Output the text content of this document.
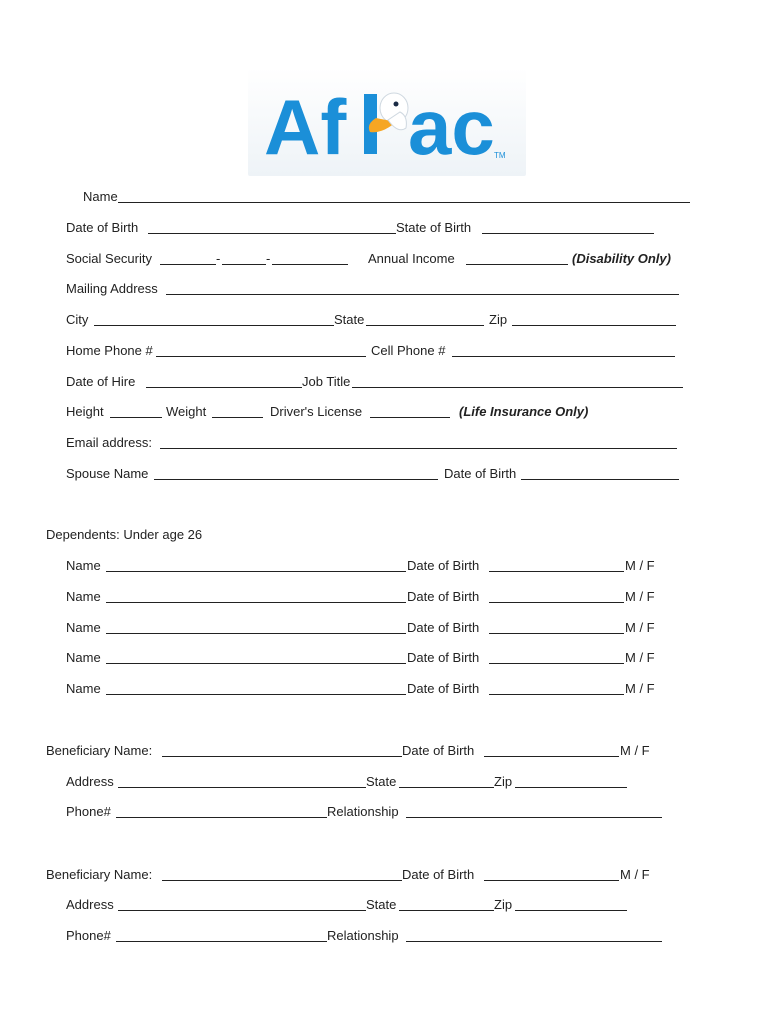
Af ac TM
Name
Date of Birth	State of Birth
Social Security	-	-	Annual Income	(Disability Only)
Mailing Address
City	State	Zip
Home Phone #	Cell Phone #
Date of Hire	Job Title
Height	Weight	Driver's License	(Life Insurance Only)
Email address:
Spouse Name	Date of Birth
Dependents: Under age 26
Name	Date of Birth	M / F
Name	Date of Birth	M / F
Name	Date of Birth	M / F
Name	Date of Birth	M / F
Name	Date of Birth	M / F
Beneficiary Name:	Date of Birth	M / F
Address	State	Zip
Phone#	Relationship
Beneficiary Name:	Date of Birth	M / F
Address	State	Zip
Phone#	Relationship
